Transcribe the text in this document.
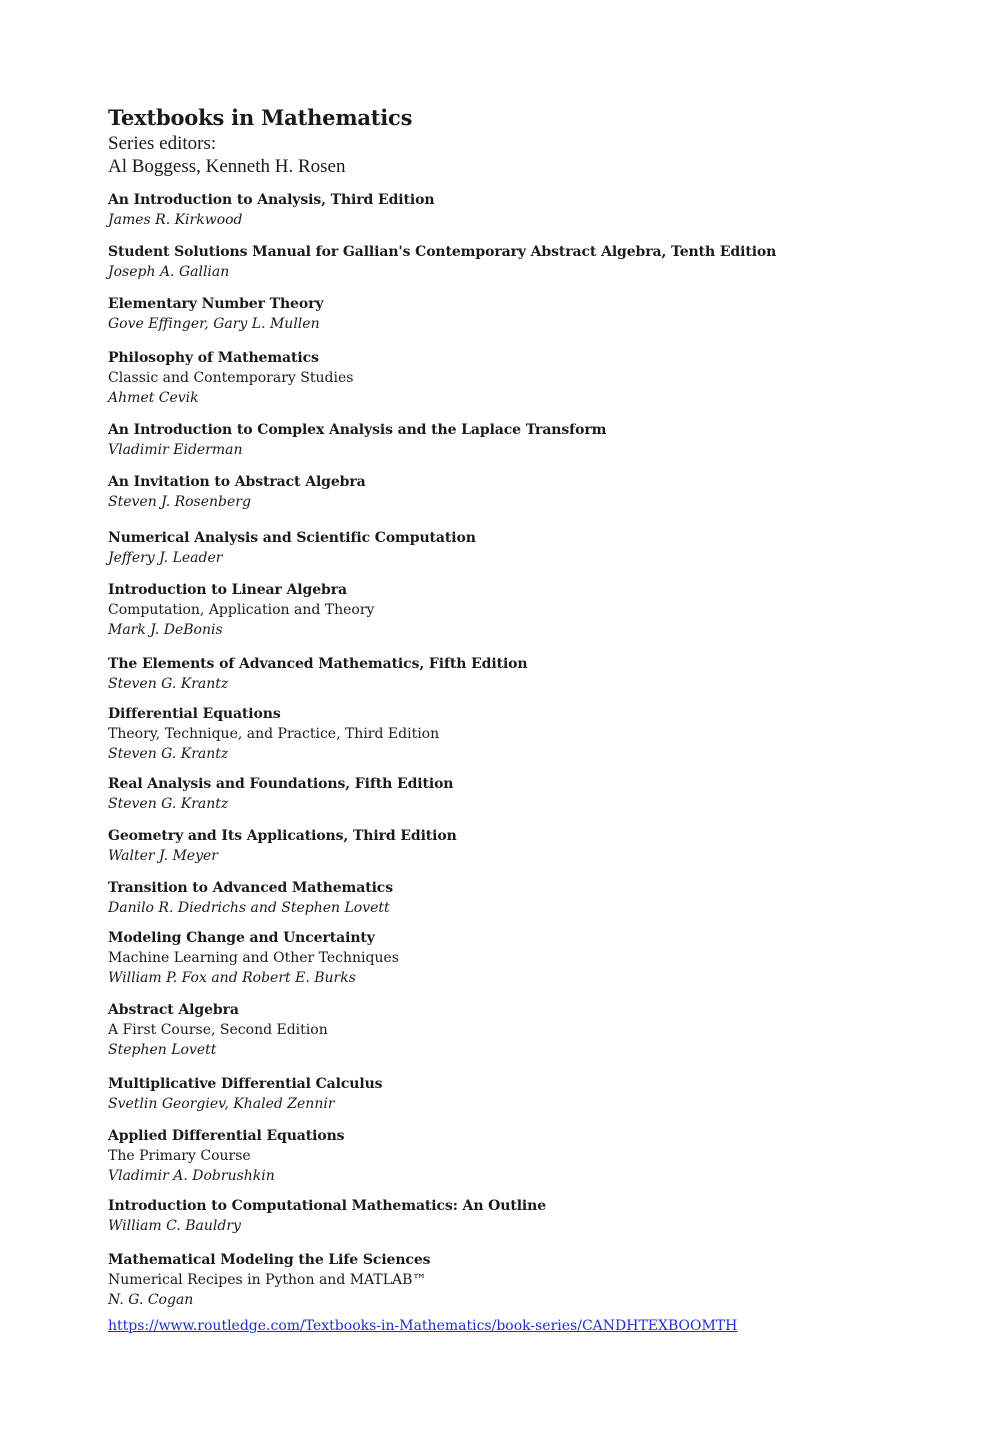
Textbooks in Mathematics

Series editors:

Al Boggess, Kenneth H. Rosen

An Introduction to Analysis, Third Edition
James R. Kirkwood
Student Solutions Manual for Gallian's Contemporary Abstract Algebra, Tenth Edition
Joseph A. Gallian
Elementary Number Theory
Gove Effinger, Gary L. Mullen
Philosophy of Mathematics
Classic and Contemporary Studies
Ahmet Cevik
An Introduction to Complex Analysis and the Laplace Transform
Vladimir Eiderman
An Invitation to Abstract Algebra
Steven J. Rosenberg
Numerical Analysis and Scientific Computation
Jeffery J. Leader
Introduction to Linear Algebra
Computation, Application and Theory
Mark J. DeBonis
The Elements of Advanced Mathematics, Fifth Edition
Steven G. Krantz
Differential Equations
Theory, Technique, and Practice, Third Edition
Steven G. Krantz
Real Analysis and Foundations, Fifth Edition
Steven G. Krantz
Geometry and Its Applications, Third Edition
Walter J. Meyer
Transition to Advanced Mathematics
Danilo R. Diedrichs and Stephen Lovett
Modeling Change and Uncertainty
Machine Learning and Other Techniques
William P. Fox and Robert E. Burks
Abstract Algebra
A First Course, Second Edition
Stephen Lovett
Multiplicative Differential Calculus
Svetlin Georgiev, Khaled Zennir
Applied Differential Equations
The Primary Course
Vladimir A. Dobrushkin
Introduction to Computational Mathematics: An Outline
William C. Bauldry
Mathematical Modeling the Life Sciences
Numerical Recipes in Python and MATLAB™
N. G. Cogan
https://www.routledge.com/Textbooks-in-Mathematics/book-series/CANDHTEXBOOMTH
